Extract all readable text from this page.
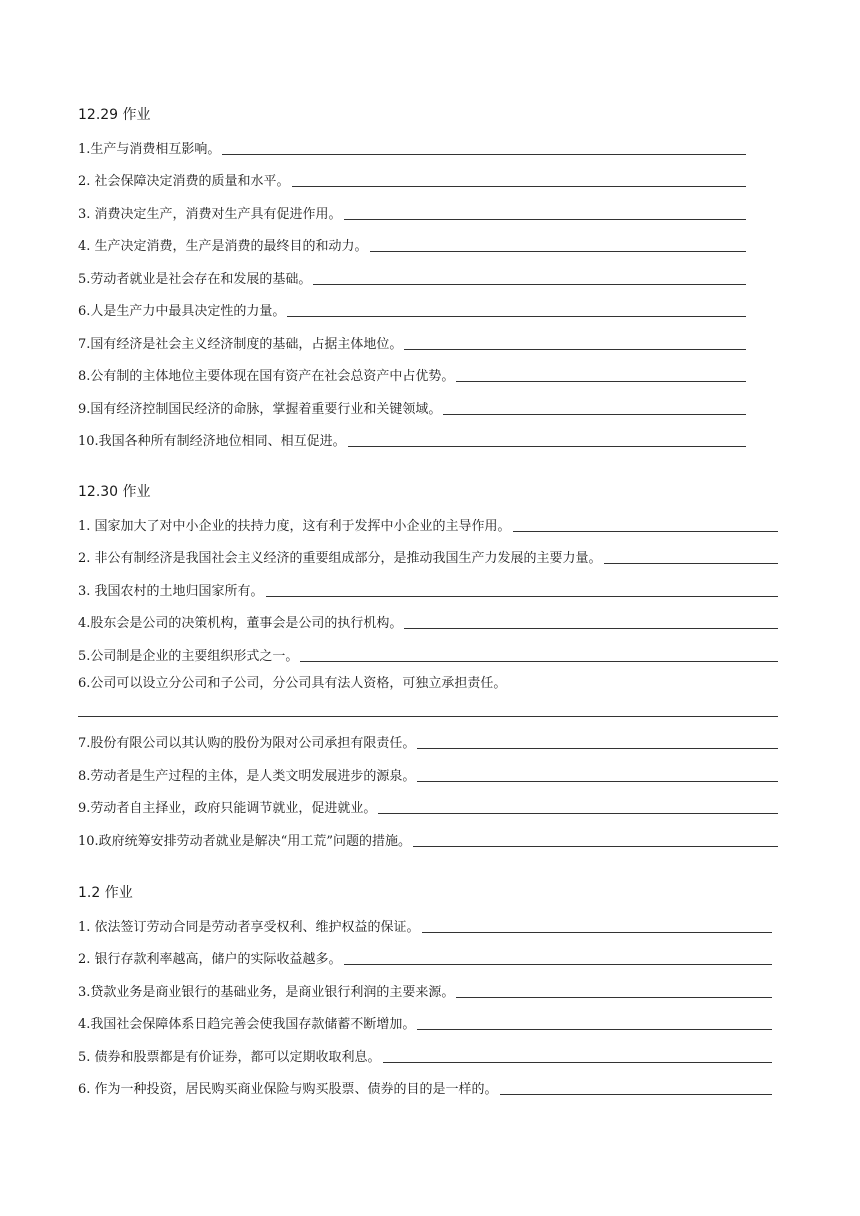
12.29 作业
1.生产与消费相互影响。
2. 社会保障决定消费的质量和水平。
3. 消费决定生产，消费对生产具有促进作用。
4. 生产决定消费，生产是消费的最终目的和动力。
5.劳动者就业是社会存在和发展的基础。
6.人是生产力中最具决定性的力量。
7.国有经济是社会主义经济制度的基础，占据主体地位。
8.公有制的主体地位主要体现在国有资产在社会总资产中占优势。
9.国有经济控制国民经济的命脉，掌握着重要行业和关键领域。
10.我国各种所有制经济地位相同、相互促进。
12.30 作业
1. 国家加大了对中小企业的扶持力度，这有利于发挥中小企业的主导作用。
2. 非公有制经济是我国社会主义经济的重要组成部分，是推动我国生产力发展的主要力量。
3. 我国农村的土地归国家所有。
4.股东会是公司的决策机构，董事会是公司的执行机构。
5.公司制是企业的主要组织形式之一。
6.公司可以设立分公司和子公司，分公司具有法人资格，可独立承担责任。
7.股份有限公司以其认购的股份为限对公司承担有限责任。
8.劳动者是生产过程的主体，是人类文明发展进步的源泉。
9.劳动者自主择业，政府只能调节就业，促进就业。
10.政府统筹安排劳动者就业是解决“用工荒”问题的措施。
1.2 作业
1. 依法签订劳动合同是劳动者享受权利、维护权益的保证。
2. 银行存款利率越高，储户的实际收益越多。
3.贷款业务是商业银行的基础业务，是商业银行利润的主要来源。
4.我国社会保障体系日趋完善会使我国存款储蓄不断增加。
5. 债券和股票都是有价证券，都可以定期收取利息。
6. 作为一种投资，居民购买商业保险与购买股票、债券的目的是一样的。
